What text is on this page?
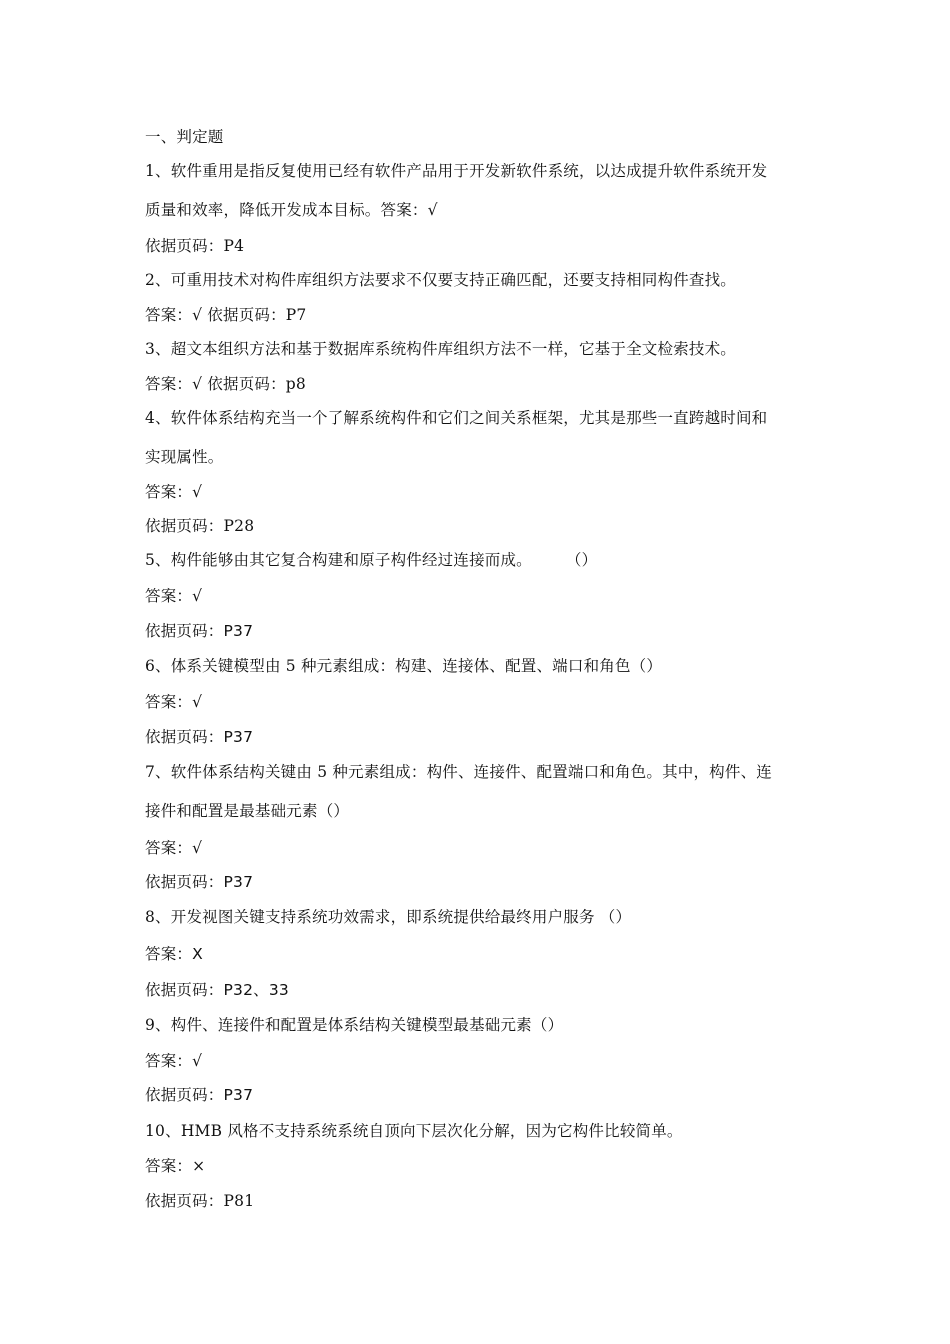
一、判定题
1、软件重用是指反复使用已经有软件产品用于开发新软件系统，以达成提升软件系统开发
质量和效率，降低开发成本目标。答案：√
依据页码：P4
2、可重用技术对构件库组织方法要求不仅要支持正确匹配，还要支持相同构件查找。
答案：√ 依据页码：P7
3、超文本组织方法和基于数据库系统构件库组织方法不一样，它基于全文检索技术。
答案：√ 依据页码：p8
4、软件体系结构充当一个了解系统构件和它们之间关系框架，尤其是那些一直跨越时间和
实现属性。
答案：√
依据页码：P28
5、构件能够由其它复合构建和原子构件经过连接而成。 （）
答案：√
依据页码：P37
6、体系关键模型由 5 种元素组成：构建、连接体、配置、端口和角色（）
答案：√
依据页码：P37
7、软件体系结构关键由 5 种元素组成：构件、连接件、配置端口和角色。其中，构件、连
接件和配置是最基础元素（）
答案：√
依据页码：P37
8、开发视图关键支持系统功效需求，即系统提供给最终用户服务 （）
答案：X
依据页码：P32、33
9、构件、连接件和配置是体系结构关键模型最基础元素（）
答案：√
依据页码：P37
10、HMB 风格不支持系统系统自顶向下层次化分解，因为它构件比较简单。
答案：×
依据页码：P81
